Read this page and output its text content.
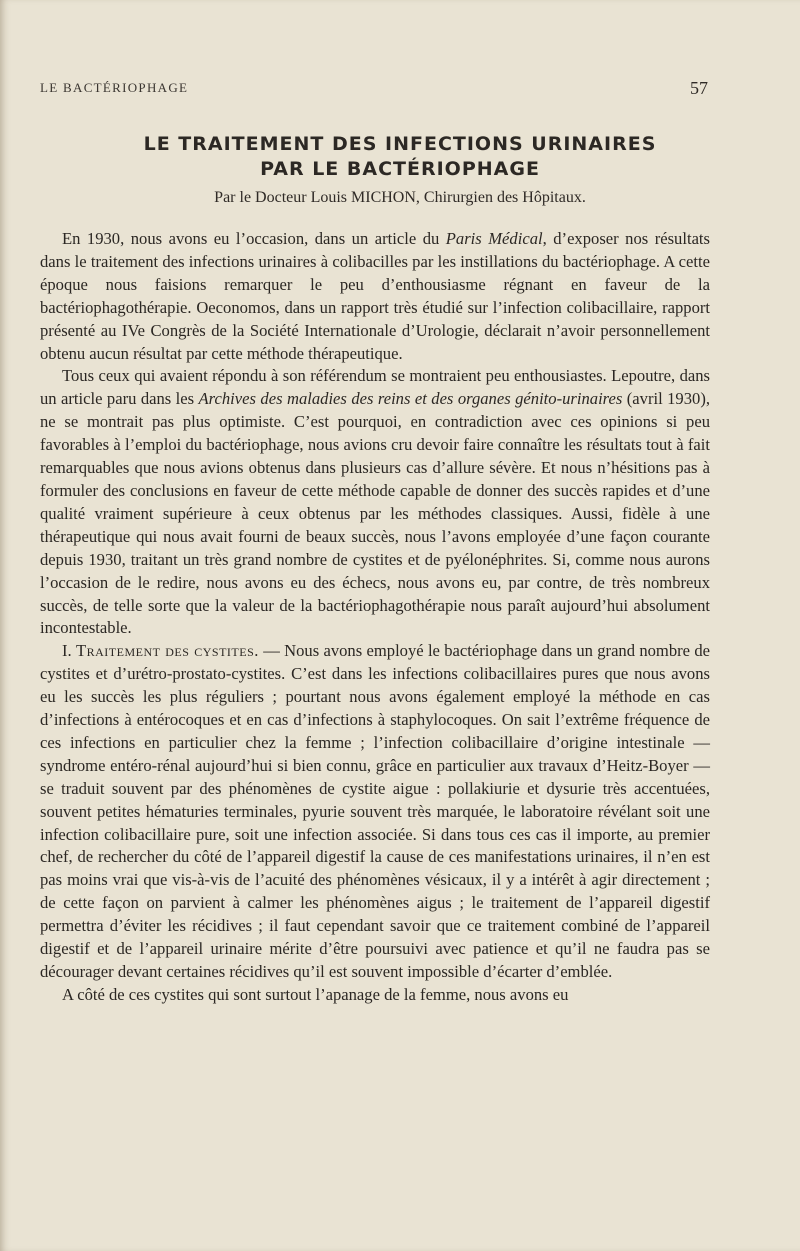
LE BACTÉRIOPHAGE	57
LE TRAITEMENT DES INFECTIONS URINAIRES
PAR LE BACTÉRIOPHAGE
Par le Docteur Louis MICHON, Chirurgien des Hôpitaux.

En 1930, nous avons eu l’occasion, dans un article du Paris Médical, d’exposer nos résultats dans le traitement des infections urinaires à colibacilles par les instillations du bactériophage. A cette époque nous faisions remarquer le peu d’enthousiasme régnant en faveur de la bactériophagothérapie. Oeconomos, dans un rapport très étudié sur l’infection colibacillaire, rapport présenté au IVe Congrès de la Société Internationale d’Urologie, déclarait n’avoir personnellement obtenu aucun résultat par cette méthode thérapeutique.

Tous ceux qui avaient répondu à son référendum se montraient peu enthousiastes. Lepoutre, dans un article paru dans les Archives des maladies des reins et des organes génito-urinaires (avril 1930), ne se montrait pas plus optimiste. C’est pourquoi, en contradiction avec ces opinions si peu favorables à l’emploi du bactériophage, nous avions cru devoir faire connaître les résultats tout à fait remarquables que nous avions obtenus dans plusieurs cas d’allure sévère. Et nous n’hésitions pas à formuler des conclusions en faveur de cette méthode capable de donner des succès rapides et d’une qualité vraiment supérieure à ceux obtenus par les méthodes classiques. Aussi, fidèle à une thérapeutique qui nous avait fourni de beaux succès, nous l’avons employée d’une façon courante depuis 1930, traitant un très grand nombre de cystites et de pyélonéphrites. Si, comme nous aurons l’occasion de le redire, nous avons eu des échecs, nous avons eu, par contre, de très nombreux succès, de telle sorte que la valeur de la bactériophagothérapie nous paraît aujourd’hui absolument incontestable.

I. Traitement des cystites. — Nous avons employé le bactériophage dans un grand nombre de cystites et d’urétro-prostato-cystites. C’est dans les infections colibacillaires pures que nous avons eu les succès les plus réguliers ; pourtant nous avons également employé la méthode en cas d’infections à entérocoques et en cas d’infections à staphylocoques. On sait l’extrême fréquence de ces infections en particulier chez la femme ; l’infection colibacillaire d’origine intestinale — syndrome entéro-rénal aujourd’hui si bien connu, grâce en particulier aux travaux d’Heitz-Boyer — se traduit souvent par des phénomènes de cystite aigue : pollakiurie et dysurie très accentuées, souvent petites hématuries terminales, pyurie souvent très marquée, le laboratoire révélant soit une infection colibacillaire pure, soit une infection associée. Si dans tous ces cas il importe, au premier chef, de rechercher du côté de l’appareil digestif la cause de ces manifestations urinaires, il n’en est pas moins vrai que vis-à-vis de l’acuité des phénomènes vésicaux, il y a intérêt à agir directement ; de cette façon on parvient à calmer les phénomènes aigus ; le traitement de l’appareil digestif permettra d’éviter les récidives ; il faut cependant savoir que ce traitement combiné de l’appareil digestif et de l’appareil urinaire mérite d’être poursuivi avec patience et qu’il ne faudra pas se décourager devant certaines récidives qu’il est souvent impossible d’écarter d’emblée.

A côté de ces cystites qui sont surtout l’apanage de la femme, nous avons eu
